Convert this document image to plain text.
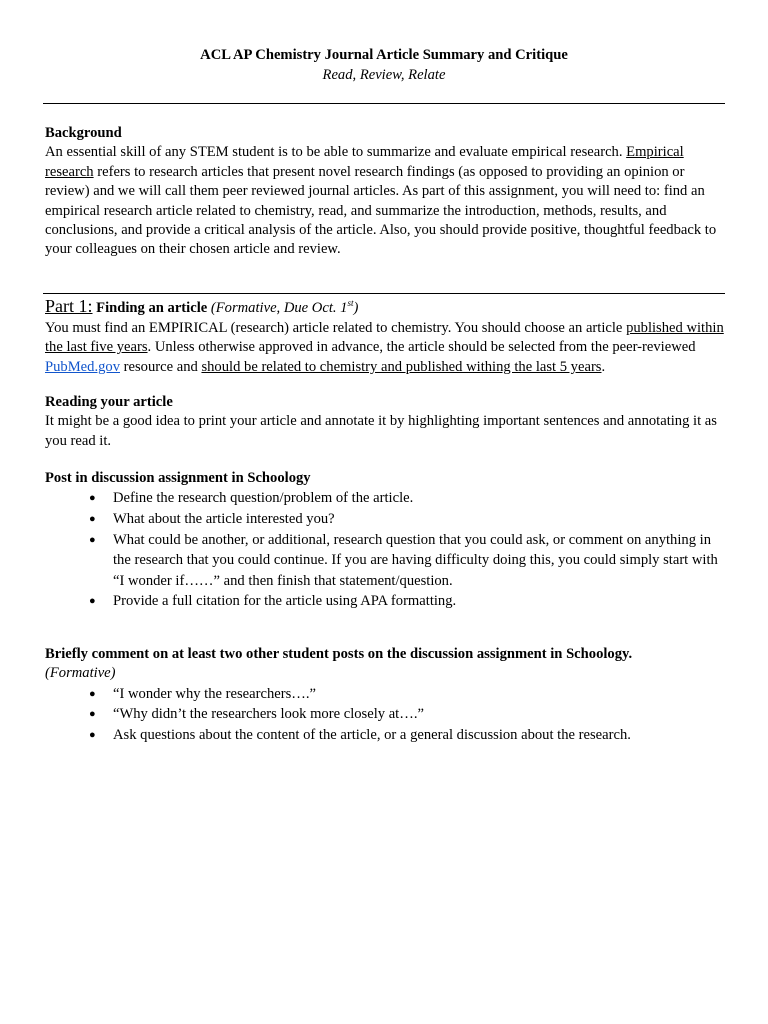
ACL AP Chemistry Journal Article Summary and Critique
Read, Review, Relate
Background
An essential skill of any STEM student is to be able to summarize and evaluate empirical research. Empirical research refers to research articles that present novel research findings (as opposed to providing an opinion or review) and we will call them peer reviewed journal articles. As part of this assignment, you will need to: find an empirical research article related to chemistry, read, and summarize the introduction, methods, results, and conclusions, and provide a critical analysis of the article. Also, you should provide positive, thoughtful feedback to your colleagues on their chosen article and review.
Part 1: Finding an article (Formative, Due Oct. 1st)
You must find an EMPIRICAL (research) article related to chemistry. You should choose an article published within the last five years. Unless otherwise approved in advance, the article should be selected from the peer-reviewed PubMed.gov resource and should be related to chemistry and published withing the last 5 years.
Reading your article
It might be a good idea to print your article and annotate it by highlighting important sentences and annotating it as you read it.
Post in discussion assignment in Schoology
● Define the research question/problem of the article.
● What about the article interested you?
● What could be another, or additional, research question that you could ask, or comment on anything in the research that you could continue. If you are having difficulty doing this, you could simply start with “I wonder if……” and then finish that statement/question.
● Provide a full citation for the article using APA formatting.
Briefly comment on at least two other student posts on the discussion assignment in Schoology.
(Formative)
● “I wonder why the researchers….”
● “Why didn’t the researchers look more closely at….”
● Ask questions about the content of the article, or a general discussion about the research.
